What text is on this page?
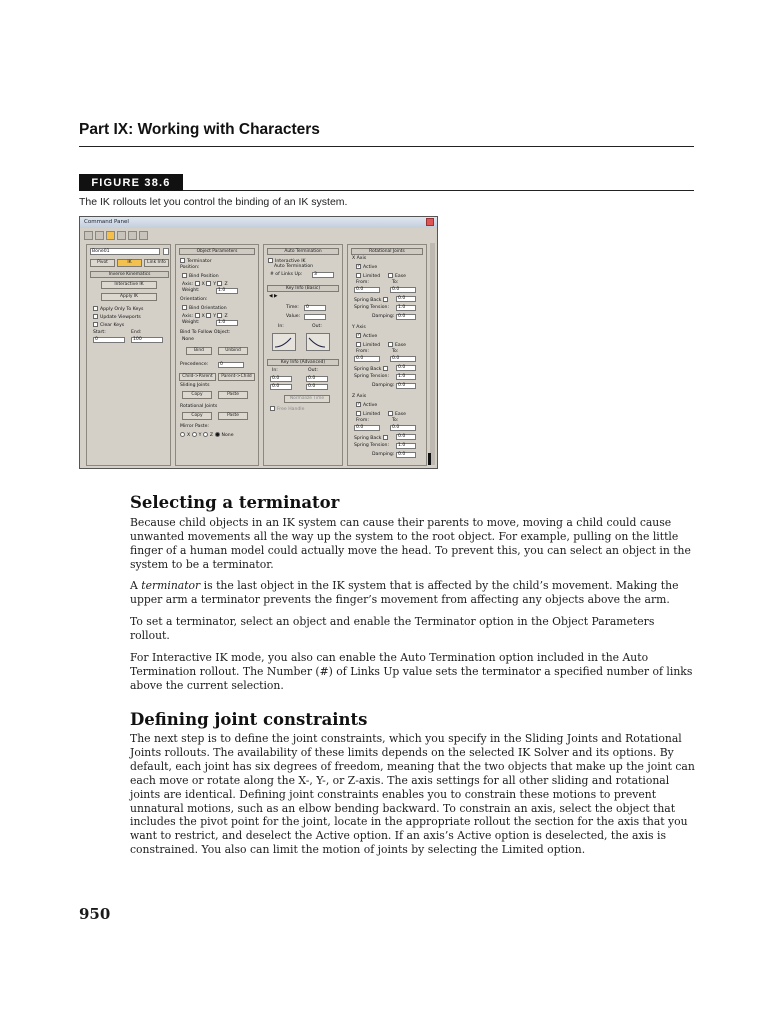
Part IX: Working with Characters
FIGURE 38.6
The IK rollouts let you control the binding of an IK system.
Command Panel
Bone01
Pivot	IK	Link Info
Inverse Kinematics
Interactive IK
Apply IK
Apply Only To Keys
Update Viewports
Clear Keys
Start:	End:
0	100
Object Parameters
Terminator
Position:
Bind Position
Axis: X Y Z
Weight:	1.0
Orientation:
Bind Orientation
Axis: X Y Z
Weight:	1.0
Bind To Follow Object:
None
Bind	Unbind
Precedence:	0
Child->Parent	Parent->Child
Sliding Joints
Copy	Paste
Rotational Joints
Copy	Paste
Mirror Paste:
X Y Z None
Auto Termination
Interactive IK
Auto Termination
# of Links Up:	3
Key Info (Basic)
◀ ▶
Time: 0
Value:
In:	Out:
Key Info (Advanced)
In:	Out:
0.0	0.0
0.0	0.0
Normalize Time
Free Handle
Rotational Joints
X Axis
✓ Active
Limited	Ease
From:	To:
0.0	0.0
Spring Back	0.0
Spring Tension: 1.0
Damping: 0.0
Y Axis
✓ Active
Limited	Ease
From:	To:
0.0	0.0
Spring Back	0.0
Spring Tension: 1.0
Damping: 0.0
Z Axis
✓ Active
Limited	Ease
From:	To:
0.0	0.0
Spring Back	0.0
Spring Tension: 1.0
Damping: 0.0
Selecting a terminator

Because child objects in an IK system can cause their parents to move, moving a child could cause unwanted movements all the way up the system to the root object. For example, pulling on the little finger of a human model could actually move the head. To prevent this, you can select an object in the system to be a terminator.

A terminator is the last object in the IK system that is affected by the child’s movement. Making the upper arm a terminator prevents the finger’s movement from affecting any objects above the arm.

To set a terminator, select an object and enable the Terminator option in the Object Parameters rollout.

For Interactive IK mode, you also can enable the Auto Termination option included in the Auto Termination rollout. The Number (#) of Links Up value sets the terminator a specified number of links above the current selection.

Defining joint constraints

The next step is to define the joint constraints, which you specify in the Sliding Joints and Rotational Joints rollouts. The availability of these limits depends on the selected IK Solver and its options. By default, each joint has six degrees of freedom, meaning that the two objects that make up the joint can each move or rotate along the X-, Y-, or Z-axis. The axis settings for all other sliding and rotational joints are identical. Defining joint constraints enables you to constrain these motions to prevent unnatural motions, such as an elbow bending backward. To constrain an axis, select the object that includes the pivot point for the joint, locate in the appropriate rollout the section for the axis that you want to restrict, and deselect the Active option. If an axis’s Active option is deselected, the axis is constrained. You also can limit the motion of joints by selecting the Limited option.

950
